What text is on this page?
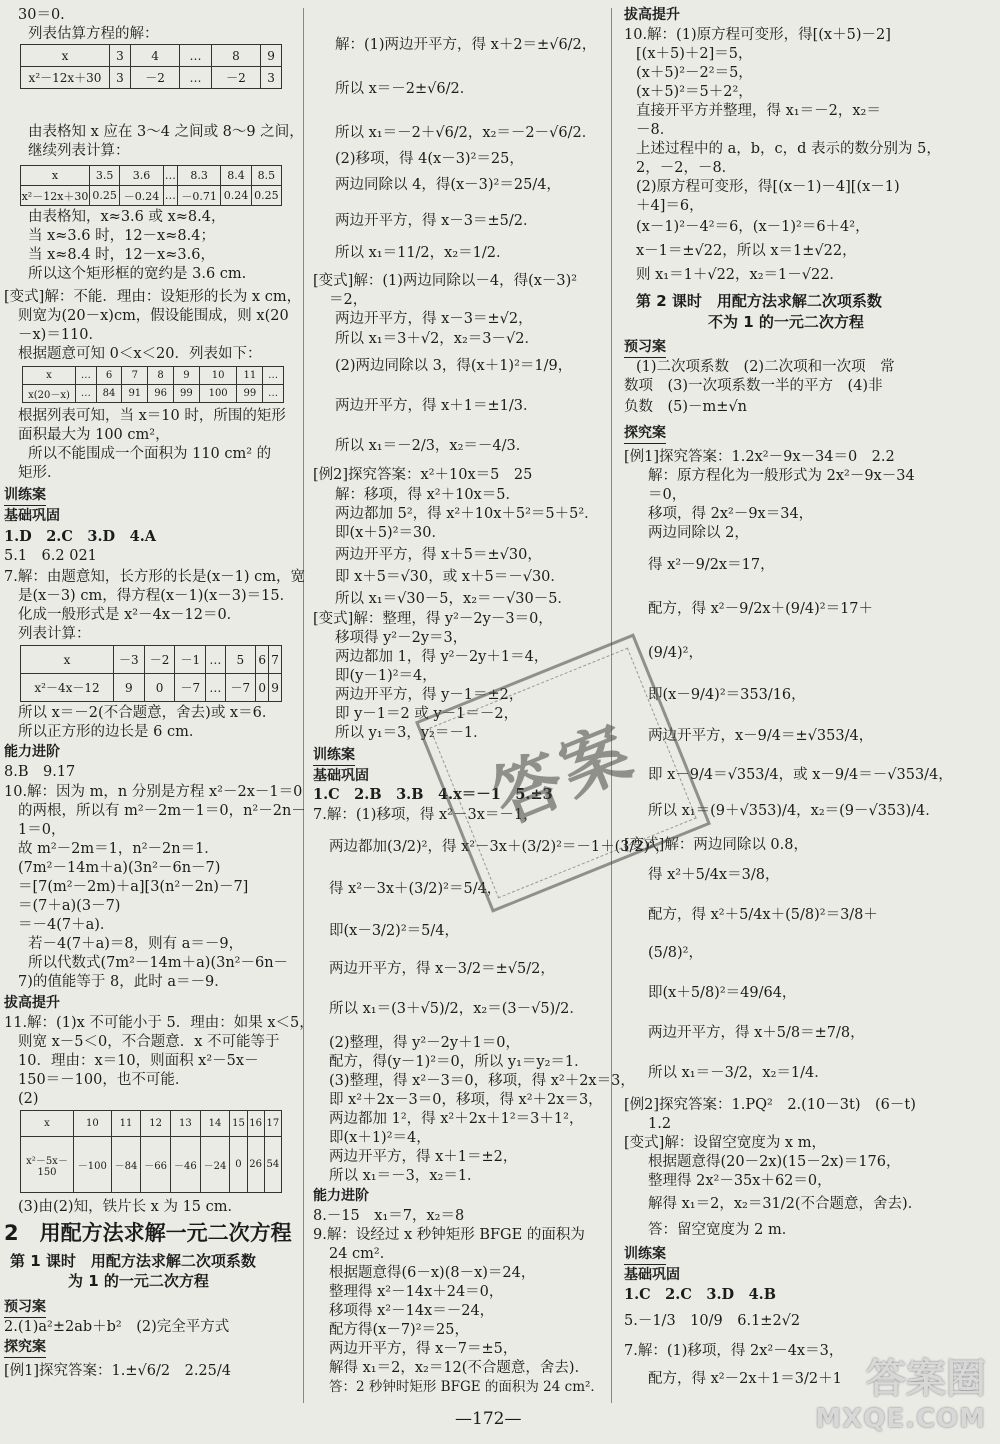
30＝0.
列表估算方程的解：
x	3	4	…	8	9
x²－12x＋30	3	－2	…	－2	3
由表格知 x 应在 3～4 之间或 8～9 之间，
继续列表计算：
x	3.5	3.6	…	8.3	8.4	8.5
x²－12x＋30	0.25	－0.24	…	－0.71	0.24	0.25
由表格知，x≈3.6 或 x≈8.4，
当 x≈3.6 时，12－x≈8.4；
当 x≈8.4 时，12－x≈3.6，
所以这个矩形框的宽约是 3.6 cm.
[变式]解：不能．理由：设矩形的长为 x cm，
则宽为(20－x)cm，假设能围成，则 x(20
－x)＝110．
根据题意可知 0＜x＜20．列表如下：
x	…	6	7	8	9	10	11	…
x(20－x)	…	84	91	96	99	100	99	…
根据列表可知，当 x＝10 时，所围的矩形
面积最大为 100 cm²，
所以不能围成一个面积为 110 cm² 的
矩形．
训练案
基础巩固
1.D　2.C　3.D　4.A
5.1　6.2 021
7.解：由题意知，长方形的长是(x－1) cm，宽
是(x－3) cm，得方程(x－1)(x－3)＝15．
化成一般形式是 x²－4x－12＝0．
列表计算：
x	－3	－2	－1	…	5	6	7
x²－4x－12	9	0	－7	…	－7	0	9
所以 x＝－2(不合题意，舍去)或 x＝6．
所以正方形的边长是 6 cm．
能力进阶
8.B　9.17
10.解：因为 m，n 分别是方程 x²－2x－1＝0
的两根，所以有 m²－2m－1＝0，n²－2n－
1＝0，
故 m²－2m＝1，n²－2n＝1．
(7m²－14m＋a)(3n²－6n－7)
＝[7(m²－2m)＋a][3(n²－2n)－7]
＝(7＋a)(3－7)
＝－4(7＋a)．
若－4(7＋a)＝8，则有 a＝－9，
所以代数式(7m²－14m＋a)(3n²－6n－
7)的值能等于 8，此时 a＝－9．
拔高提升
11.解：(1)x 不可能小于 5．理由：如果 x＜5，
则宽 x－5＜0，不合题意．x 不可能等于
10．理由：x＝10，则面积 x²－5x－
150＝－100，也不可能．
(2)
x	10	11	12	13	14	15	16	17
x²－5x－150	－100	－84	－66	－46	－24	0	26	54
(3)由(2)知，铁片长 x 为 15 cm．
2　用配方法求解一元二次方程
第 1 课时　用配方法求解二次项系数
为 1 的一元二次方程
预习案
2.(1)a²±2ab＋b²　(2)完全平方式
探究案
[例1]探究答案：1.±√6/2　2.25/4
解：(1)两边开平方，得 x＋2＝±√6/2，
所以 x＝－2±√6/2．
所以 x₁＝－2＋√6/2，x₂＝－2－√6/2．
(2)移项，得 4(x－3)²＝25，
两边同除以 4，得(x－3)²＝25/4，
两边开平方，得 x－3＝±5/2．
所以 x₁＝11/2，x₂＝1/2．
[变式]解：(1)两边同除以－4，得(x－3)²
＝2，
两边开平方，得 x－3＝±√2，
所以 x₁＝3＋√2，x₂＝3－√2．
(2)两边同除以 3，得(x＋1)²＝1/9，
两边开平方，得 x＋1＝±1/3．
所以 x₁＝－2/3，x₂＝－4/3．
[例2]探究答案：x²＋10x＝5　25
解：移项，得 x²＋10x＝5．
两边都加 5²，得 x²＋10x＋5²＝5＋5²．
即(x＋5)²＝30．
两边开平方，得 x＋5＝±√30，
即 x＋5＝√30，或 x＋5＝－√30．
所以 x₁＝√30－5，x₂＝－√30－5．
[变式]解：整理，得 y²－2y－3＝0，
移项得 y²－2y＝3，
两边都加 1，得 y²－2y＋1＝4，
即(y－1)²＝4，
两边开平方，得 y－1＝±2，
即 y－1＝2 或 y－1＝－2，
所以 y₁＝3，y₂＝－1．
训练案
基础巩固
1.C　2.B　3.B　4.x＝－1　5.±3
7.解：(1)移项，得 x²－3x＝－1，
两边都加(3/2)²，得 x²－3x＋(3/2)²＝－1＋(3/2)²，
得 x²－3x＋(3/2)²＝5/4，
即(x－3/2)²＝5/4，
两边开平方，得 x－3/2＝±√5/2，
所以 x₁＝(3＋√5)/2，x₂＝(3－√5)/2．
(2)整理，得 y²－2y＋1＝0，
配方，得(y－1)²＝0，所以 y₁＝y₂＝1．
(3)整理，得 x²－3＝0，移项，得 x²＋2x＝3，
即 x²＋2x－3＝0，移项，得 x²＋2x＝3，
两边都加 1²，得 x²＋2x＋1²＝3＋1²，
即(x＋1)²＝4，
两边开平方，得 x＋1＝±2，
所以 x₁＝－3，x₂＝1．
能力进阶
8.－15　x₁＝7，x₂＝8
9.解：设经过 x 秒钟矩形 BFGE 的面积为
24 cm²．
根据题意得(6－x)(8－x)＝24，
整理得 x²－14x＋24＝0，
移项得 x²－14x＝－24，
配方得(x－7)²＝25，
两边开平方，得 x－7＝±5，
解得 x₁＝2，x₂＝12(不合题意，舍去)．
答：2 秒钟时矩形 BFGE 的面积为 24 cm²．
拔高提升
10.解：(1)原方程可变形，得[(x＋5)－2]
[(x＋5)＋2]＝5，
(x＋5)²－2²＝5，
(x＋5)²＝5＋2²，
直接开平方并整理，得 x₁＝－2，x₂＝
－8．
上述过程中的 a，b，c，d 表示的数分别为 5，
2，－2，－8．
(2)原方程可变形，得[(x－1)－4][(x－1)
＋4]＝6，
(x－1)²－4²＝6，(x－1)²＝6＋4²，
x－1＝±√22，所以 x＝1±√22，
则 x₁＝1＋√22，x₂＝1－√22．
第 2 课时　用配方法求解二次项系数
不为 1 的一元二次方程
预习案
(1)二次项系数　(2)二次项和一次项　常
数项　(3)一次项系数一半的平方　(4)非
负数　(5)－m±√n
探究案
[例1]探究答案：1.2x²－9x－34＝0　2.2
解：原方程化为一般形式为 2x²－9x－34
＝0，
移项，得 2x²－9x＝34，
两边同除以 2，
得 x²－9/2x＝17，
配方，得 x²－9/2x＋(9/4)²＝17＋
(9/4)²，
即(x－9/4)²＝353/16，
两边开平方，x－9/4＝±√353/4，
即 x－9/4＝√353/4，或 x－9/4＝－√353/4，
所以 x₁＝(9＋√353)/4，x₂＝(9－√353)/4．
[变式]解：两边同除以 0.8，
得 x²＋5/4x＝3/8，
配方，得 x²＋5/4x＋(5/8)²＝3/8＋
(5/8)²，
即(x＋5/8)²＝49/64，
两边开平方，得 x＋5/8＝±7/8，
所以 x₁＝－3/2，x₂＝1/4．
[例2]探究答案：1.PQ²　2.(10－3t)　(6－t)
1.2
[变式]解：设留空宽度为 x m，
根据题意得(20－2x)(15－2x)＝176，
整理得 2x²－35x＋62＝0，
解得 x₁＝2，x₂＝31/2(不合题意，舍去)．
答：留空宽度为 2 m．
训练案
基础巩固
1.C　2.C　3.D　4.B
5.－1/3　10/9　6.1±2√2
7.解：(1)移项，得 2x²－4x＝3，
配方，得 x²－2x＋1＝3/2＋1
答案
—172—
答案圈
MXQE.COM
